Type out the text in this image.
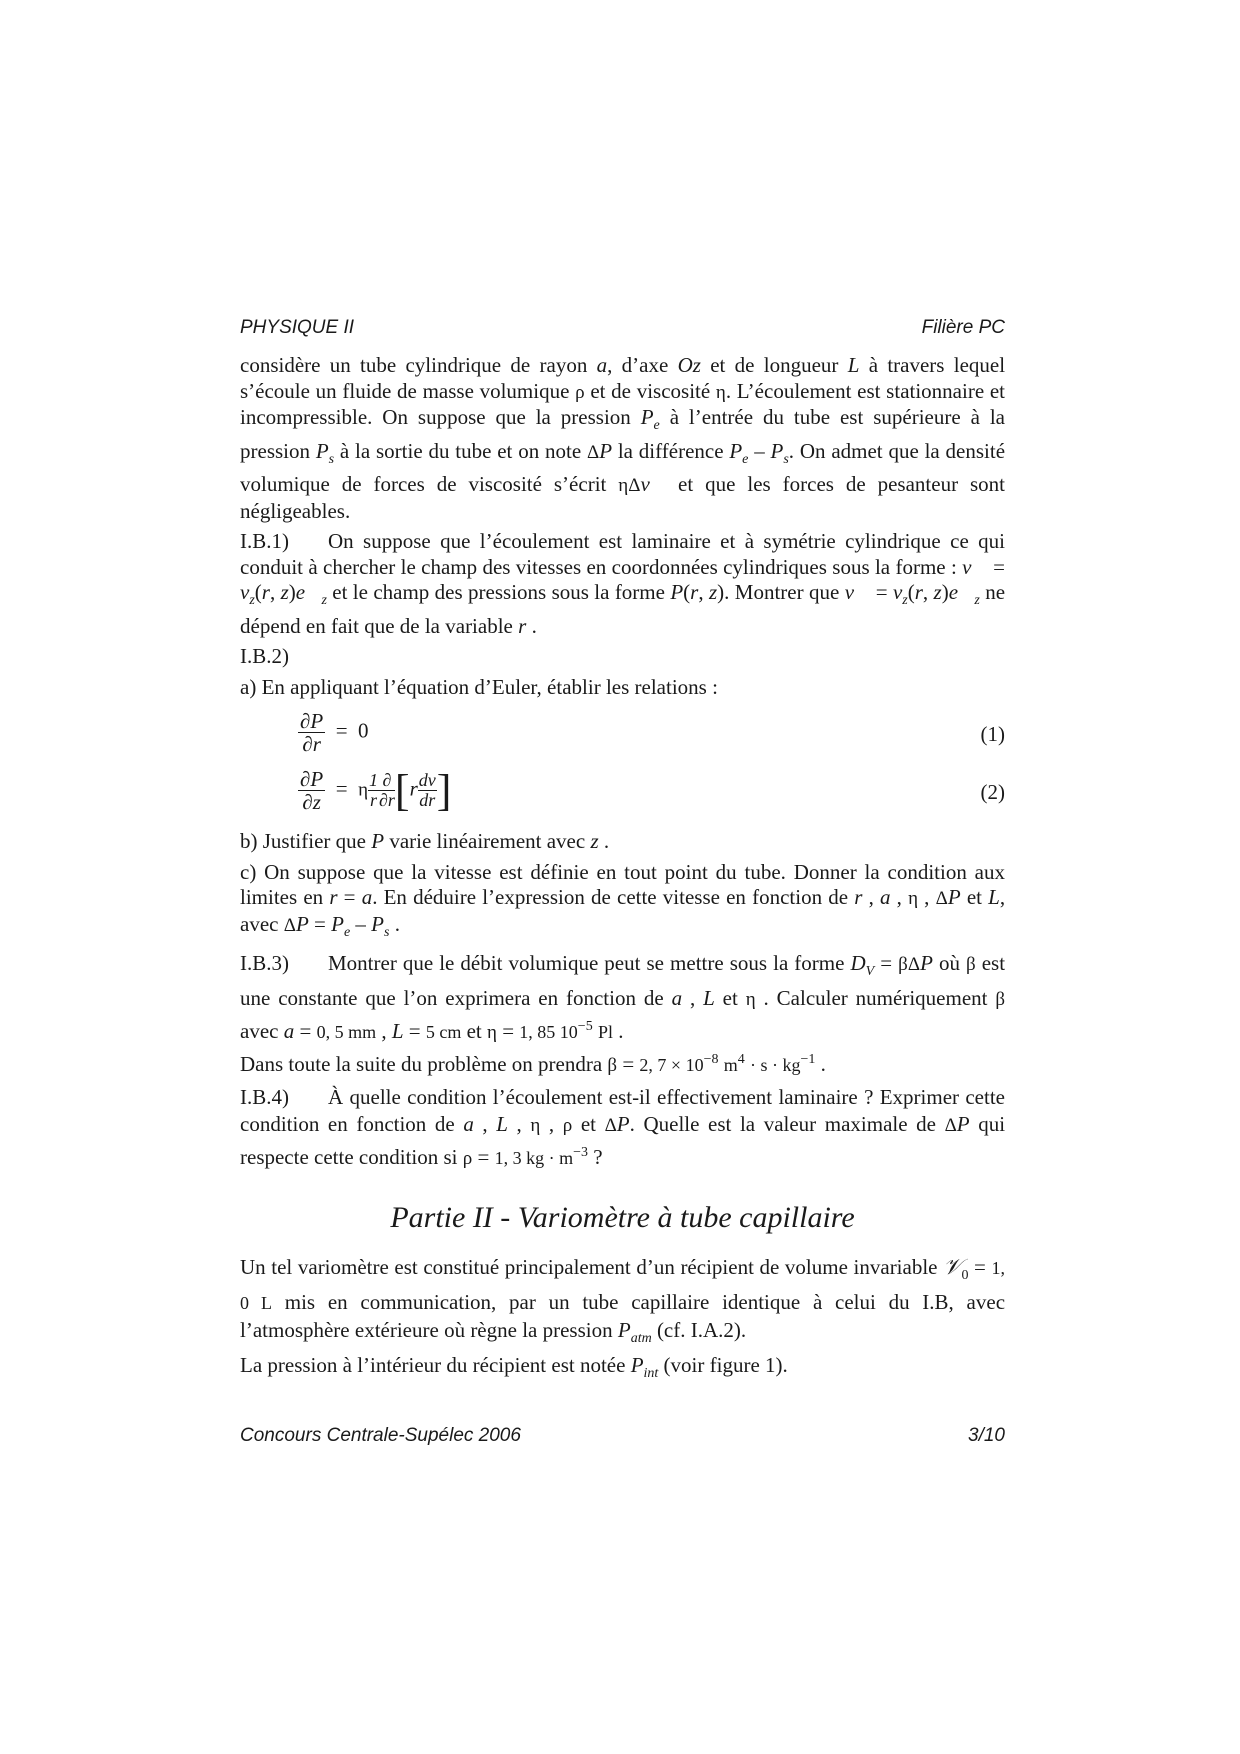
PHYSIQUE II	Filière PC

considère un tube cylindrique de rayon a, d’axe Oz et de longueur L à travers lequel s’écoule un fluide de masse volumique ρ et de viscosité η. L’écoulement est stationnaire et incompressible. On suppose que la pression $P_e$ à l’entrée du tube est supérieure à la pression $P_s$ à la sortie du tube et on note ΔP la différence $P_e - P_s$. On admet que la densité volumique de forces de viscosité s’écrit ηΔv⃗ et que les forces de pesanteur sont négligeables.

I.B.1) On suppose que l’écoulement est laminaire et à symétrie cylindrique ce qui conduit à chercher le champ des vitesses en coordonnées cylindriques sous la forme : v⃗ = $v_z(r$, $z)e⃗_z$ et le champ des pressions sous la forme P(r, z). Montrer que v⃗ = $v_z(r$, $z)e⃗_z$ ne dépend en fait que de la variable r .

I.B.2)

a) En appliquant l’équation d’Euler, établir les relations :

$\frac{\partial P}{\partial r} = 0$	(1)
$\frac{\partial P}{\partial z} = \eta \frac{1}{r}$ ∂
∂r [$r \frac{dv}{dr}$ ]	(2)

b) Justifier que P varie linéairement avec z .

c) On suppose que la vitesse est définie en tout point du tube. Donner la condition aux limites en r = a. En déduire l’expression de cette vitesse en fonction de r , a , η , ΔP et L, avec $\Delta P = P_e - P_s$ .

I.B.3) Montrer que le débit volumique peut se mettre sous la forme $D_V = \beta\Delta P$ où β est une constante que l’on exprimera en fonction de a , L et η . Calculer numériquement β avec a = 0, 5 mm , L = 5 cm et η = 1, 85 $10^{-5}$ Pl .
Dans toute la suite du problème on prendra β = 2, $7 \times 10^{-8}$ $m^4 \cdot s \cdot kg^{-1}$ .

I.B.4) À quelle condition l’écoulement est-il effectivement laminaire ? Exprimer cette condition en fonction de a , L , η , ρ et ΔP. Quelle est la valeur maximale de ΔP qui respecte cette condition si ρ = 1, 3 kg · $m^{-3}$ ?

Partie II - Variomètre à tube capillaire

Un tel variomètre est constitué principalement d’un récipient de volume invariable 𝒱$_0$ = 1, 0 L mis en communication, par un tube capillaire identique à celui du I.B, avec l’atmosphère extérieure où règne la pression $P_{atm}$ (cf. I.A.2).
La pression à l’intérieur du récipient est notée $P_{int}$ (voir figure 1).

Concours Centrale-Supélec 2006	3/10
